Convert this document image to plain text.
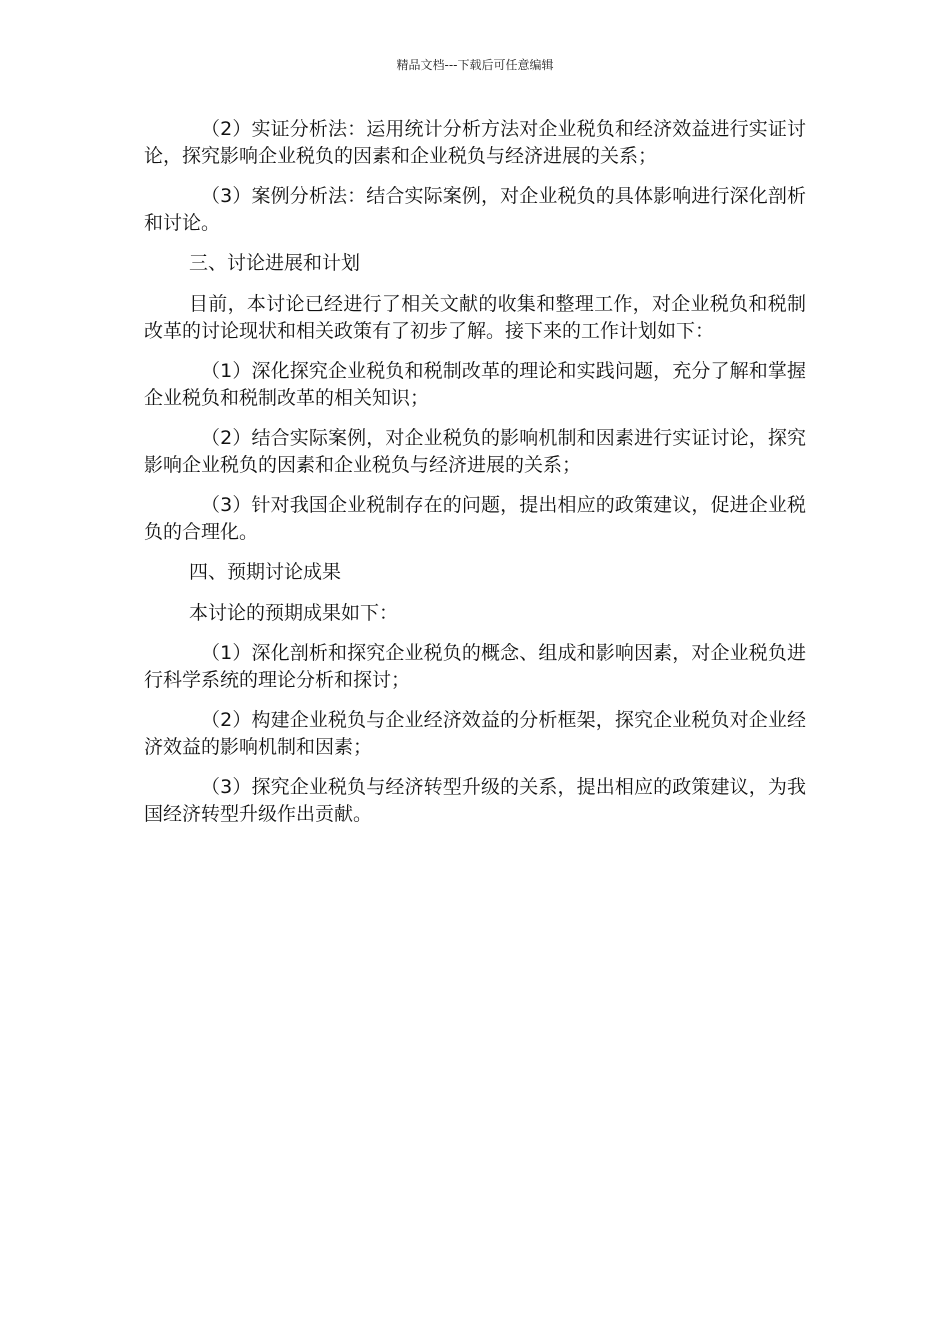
精品文档---下载后可任意编辑

（2）实证分析法：运用统计分析方法对企业税负和经济效益进行实证讨论，探究影响企业税负的因素和企业税负与经济进展的关系；

（3）案例分析法：结合实际案例，对企业税负的具体影响进行深化剖析和讨论。

三、讨论进展和计划

目前，本讨论已经进行了相关文献的收集和整理工作，对企业税负和税制改革的讨论现状和相关政策有了初步了解。接下来的工作计划如下：

（1）深化探究企业税负和税制改革的理论和实践问题，充分了解和掌握企业税负和税制改革的相关知识；

（2）结合实际案例，对企业税负的影响机制和因素进行实证讨论，探究影响企业税负的因素和企业税负与经济进展的关系；

（3）针对我国企业税制存在的问题，提出相应的政策建议，促进企业税负的合理化。

四、预期讨论成果

本讨论的预期成果如下：

（1）深化剖析和探究企业税负的概念、组成和影响因素，对企业税负进行科学系统的理论分析和探讨；

（2）构建企业税负与企业经济效益的分析框架，探究企业税负对企业经济效益的影响机制和因素；

（3）探究企业税负与经济转型升级的关系，提出相应的政策建议，为我国经济转型升级作出贡献。
